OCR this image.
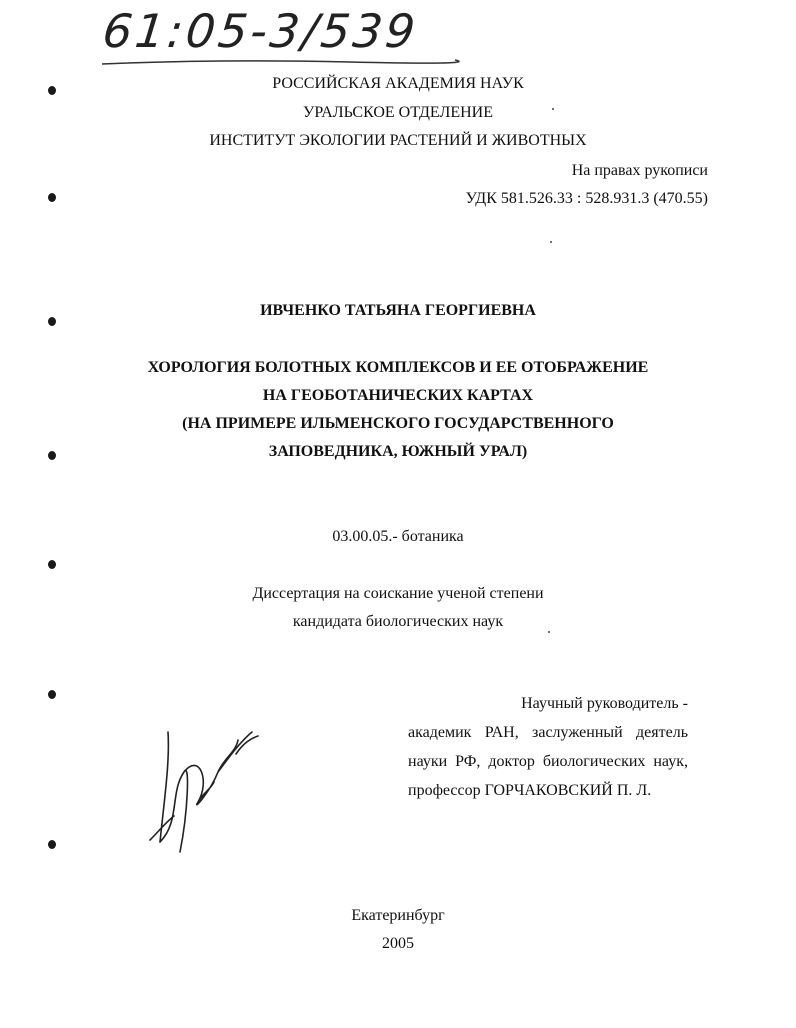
61:05-3/539
РОССИЙСКАЯ АКАДЕМИЯ НАУК
УРАЛЬСКОЕ ОТДЕЛЕНИЕ
ИНСТИТУТ ЭКОЛОГИИ РАСТЕНИЙ И ЖИВОТНЫХ
На правах рукописи
УДК 581.526.33 : 528.931.3 (470.55)
ИВЧЕНКО ТАТЬЯНА ГЕОРГИЕВНА
ХОРОЛОГИЯ БОЛОТНЫХ КОМПЛЕКСОВ И ЕЕ ОТОБРАЖЕНИЕ
НА ГЕОБОТАНИЧЕСКИХ КАРТАХ
(НА ПРИМЕРЕ ИЛЬМЕНСКОГО ГОСУДАРСТВЕННОГО
ЗАПОВЕДНИКА, ЮЖНЫЙ УРАЛ)
03.00.05.- ботаника
Диссертация на соискание ученой степени
кандидата биологических наук
Научный руководитель -
академик РАН, заслуженный деятель
науки РФ, доктор биологических наук,
профессор ГОРЧАКОВСКИЙ П. Л.
Екатеринбург
2005
